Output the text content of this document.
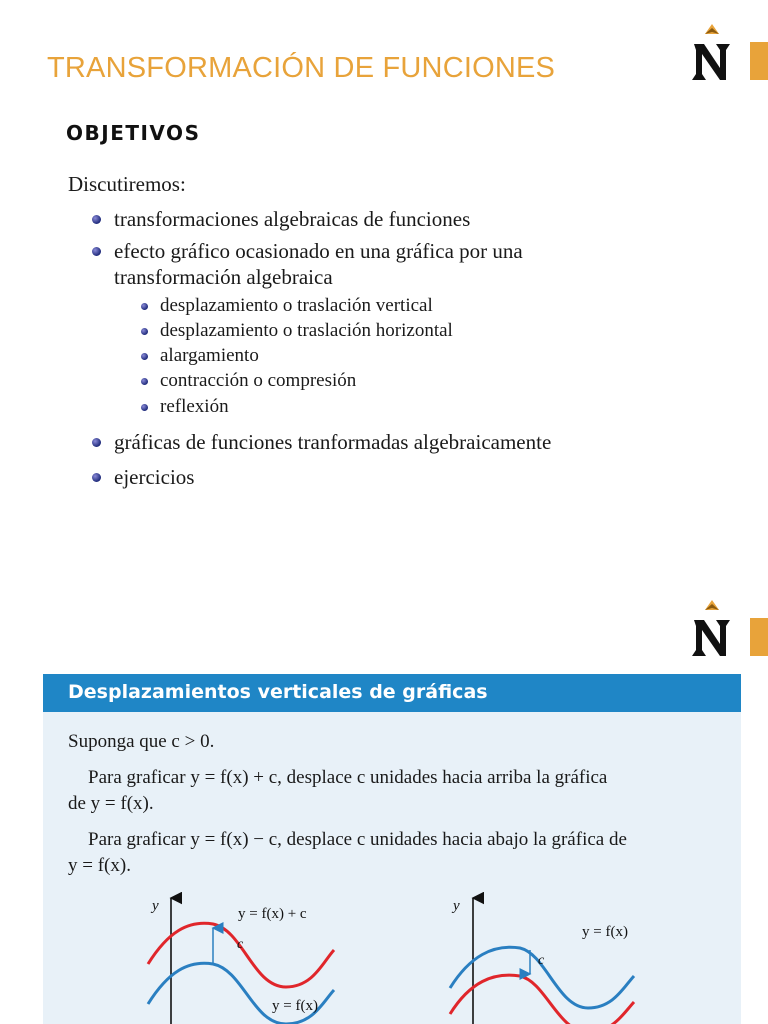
TRANSFORMACIÓN DE FUNCIONES
OBJETIVOS
Discutiremos:
transformaciones algebraicas de funciones
efecto gráfico ocasionado en una gráfica por una
transformación algebraica
desplazamiento o traslación vertical
desplazamiento o traslación horizontal
alargamiento
contracción o compresión
reflexión
gráficas de funciones tranformadas algebraicamente
ejercicios
Desplazamientos verticales de gráficas
Suponga que c > 0.
Para graficar y = f(x) + c, desplace c unidades hacia arriba la gráfica
de y = f(x).
Para graficar y = f(x) − c, desplace c unidades hacia abajo la gráfica de
y = f(x).
y
c
y = f(x) + c
y = f(x)
y
c
y = f(x)
